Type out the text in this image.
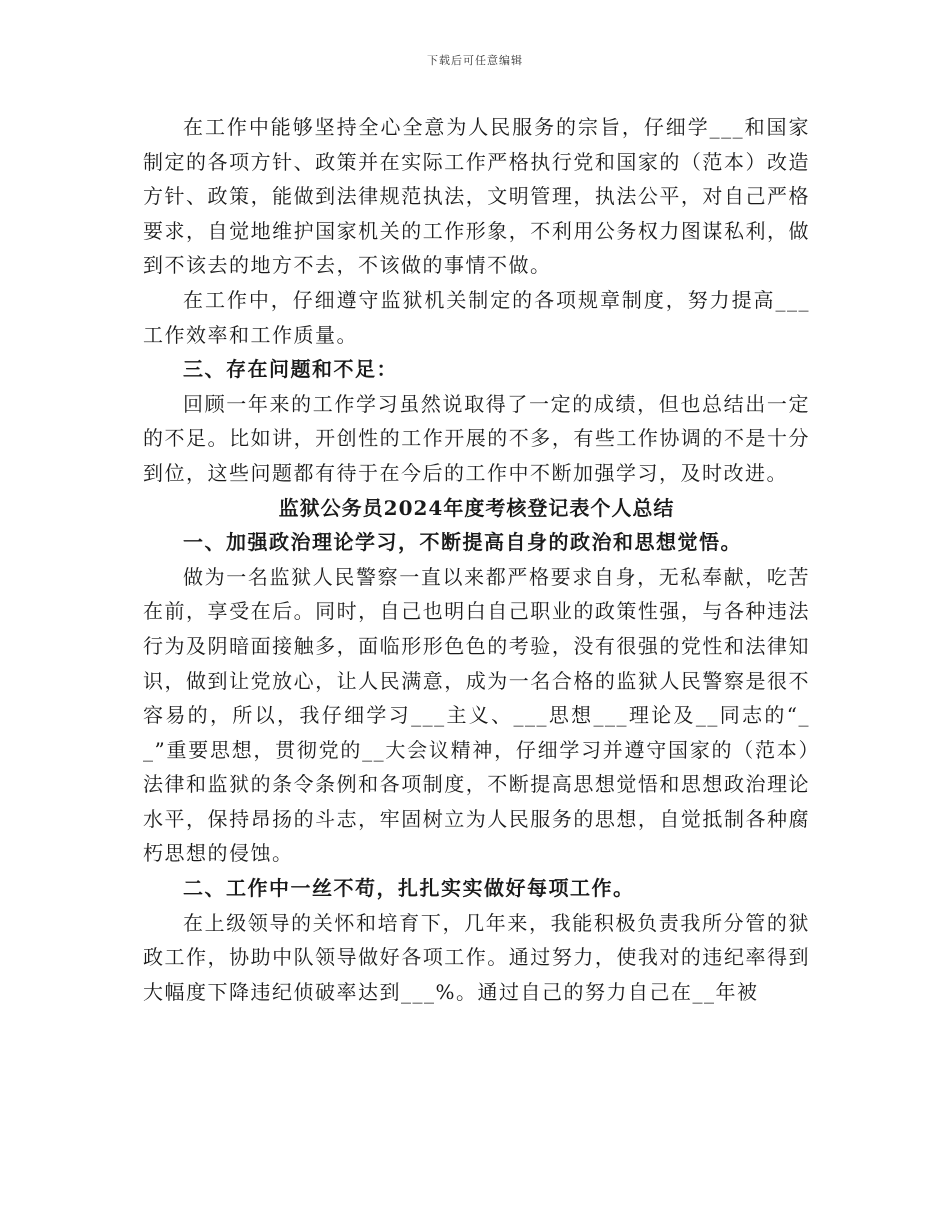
下载后可任意编辑

在工作中能够坚持全心全意为人民服务的宗旨，仔细学___和国家制定的各项方针、政策并在实际工作严格执行党和国家的（范本）改造方针、政策，能做到法律规范执法，文明管理，执法公平，对自己严格要求，自觉地维护国家机关的工作形象，不利用公务权力图谋私利，做到不该去的地方不去，不该做的事情不做。

在工作中，仔细遵守监狱机关制定的各项规章制度，努力提高___工作效率和工作质量。

三、存在问题和不足：

回顾一年来的工作学习虽然说取得了一定的成绩，但也总结出一定的不足。比如讲，开创性的工作开展的不多，有些工作协调的不是十分到位，这些问题都有待于在今后的工作中不断加强学习，及时改进。

监狱公务员2024年度考核登记表个人总结

一、加强政治理论学习，不断提高自身的政治和思想觉悟。

做为一名监狱人民警察一直以来都严格要求自身，无私奉献，吃苦在前，享受在后。同时，自己也明白自己职业的政策性强，与各种违法行为及阴暗面接触多，面临形形色色的考验，没有很强的党性和法律知识，做到让党放心，让人民满意，成为一名合格的监狱人民警察是很不容易的，所以，我仔细学习___主义、___思想___理论及__同志的“__”重要思想，贯彻党的__大会议精神，仔细学习并遵守国家的（范本）法律和监狱的条令条例和各项制度，不断提高思想觉悟和思想政治理论水平，保持昂扬的斗志，牢固树立为人民服务的思想，自觉抵制各种腐朽思想的侵蚀。

二、工作中一丝不苟，扎扎实实做好每项工作。

在上级领导的关怀和培育下，几年来，我能积极负责我所分管的狱政工作，协助中队领导做好各项工作。通过努力，使我对的违纪率得到大幅度下降违纪侦破率达到___%。通过自己的努力自己在__年被
